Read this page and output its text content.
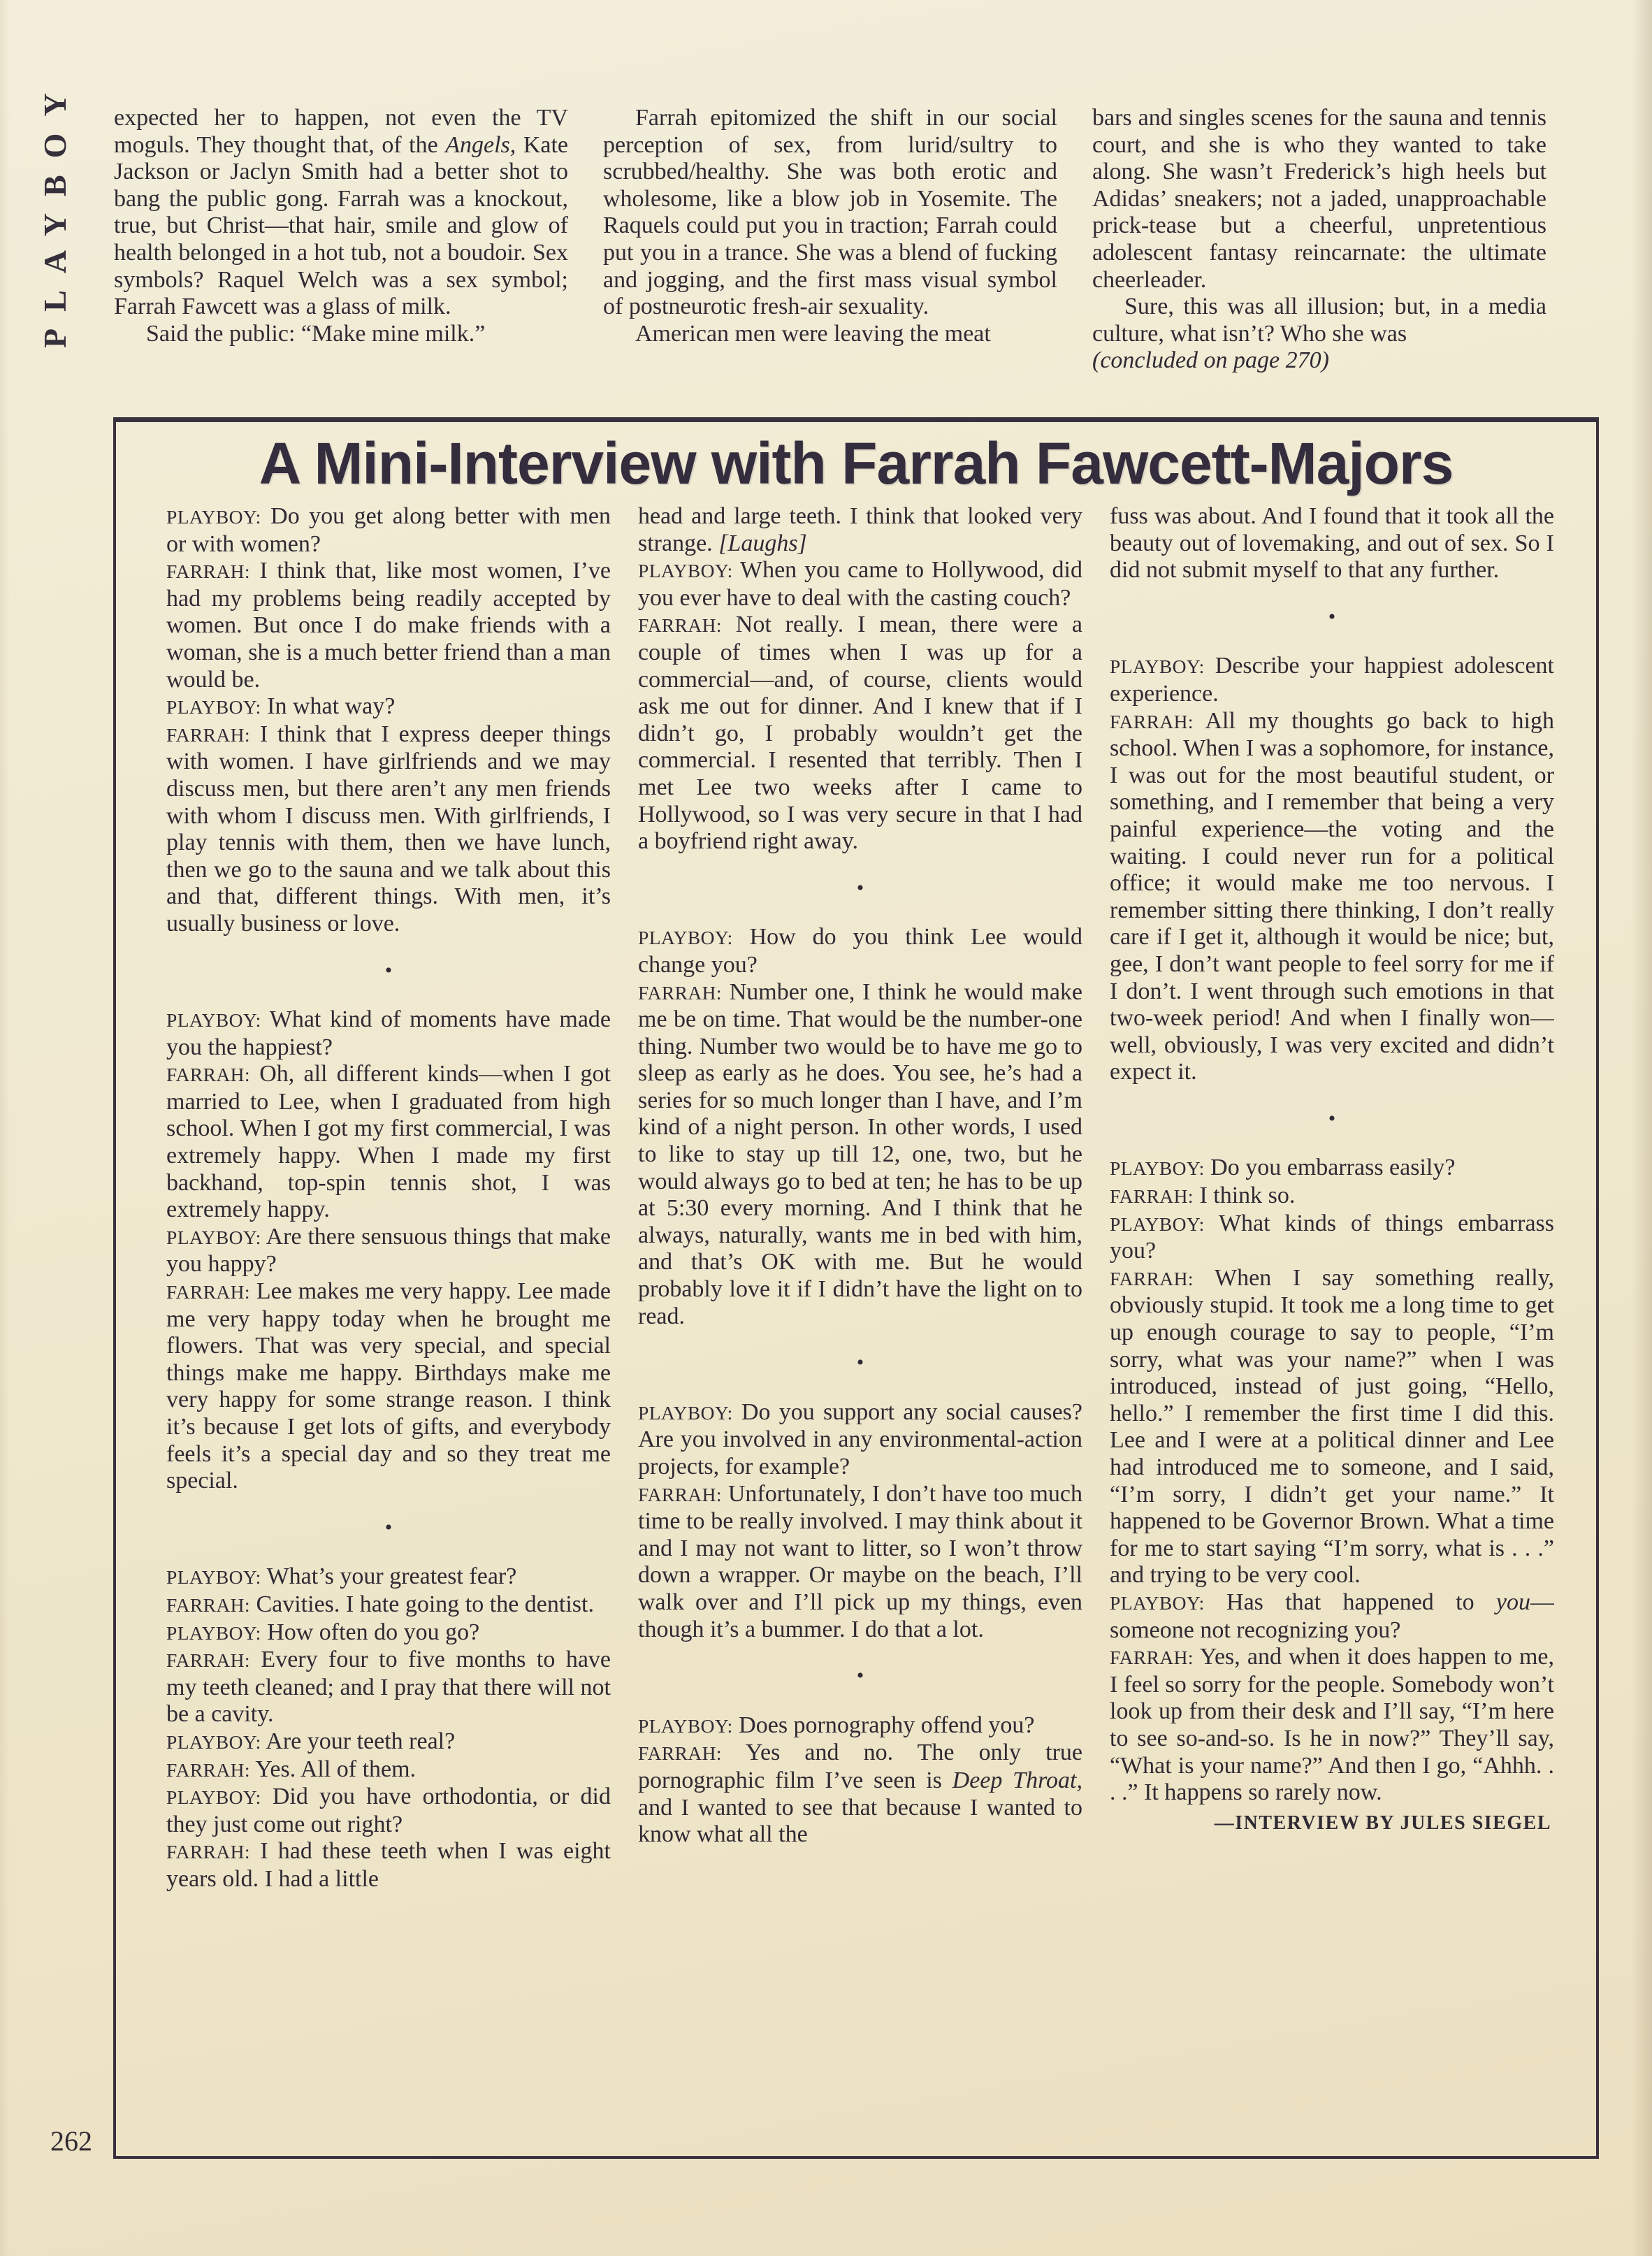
PLAYBOY expected her to happen, not even the TV moguls. They thought that, of the Angels, Kate Jackson or Jaclyn Smith had a better shot to bang the public gong. Farrah was a knockout, true, but Christ—that hair, smile and glow of health belonged in a hot tub, not a boudoir. Sex symbols? Raquel Welch was a sex symbol; Farrah Fawcett was a glass of milk.

Said the public: “Make mine milk.”

Farrah epitomized the shift in our social perception of sex, from lurid/sultry to scrubbed/healthy. She was both erotic and wholesome, like a blow job in Yosemite. The Raquels could put you in traction; Farrah could put you in a trance. She was a blend of fucking and jogging, and the first mass visual symbol of postneurotic fresh-air sexuality.

American men were leaving the meat

bars and singles scenes for the sauna and tennis court, and she is who they wanted to take along. She wasn’t Frederick’s high heels but Adidas’ sneakers; not a jaded, unapproachable prick-tease but a cheerful, unpretentious adolescent fantasy reincarnate: the ultimate cheerleader.

Sure, this was all illusion; but, in a media culture, what isn’t? Who she was

(concluded on page 270)

A Mini-Interview with Farrah Fawcett-Majors

PLAYBOY: Do you get along better with men or with women?

FARRAH: I think that, like most women, I’ve had my problems being readily accepted by women. But once I do make friends with a woman, she is a much better friend than a man would be.

PLAYBOY: In what way?

FARRAH: I think that I express deeper things with women. I have girlfriends and we may discuss men, but there aren’t any men friends with whom I discuss men. With girlfriends, I play tennis with them, then we have lunch, then we go to the sauna and we talk about this and that, different things. With men, it’s usually business or love.

•

PLAYBOY: What kind of moments have made you the happiest?

FARRAH: Oh, all different kinds—when I got married to Lee, when I graduated from high school. When I got my first commercial, I was extremely happy. When I made my first backhand, top-spin tennis shot, I was extremely happy.

PLAYBOY: Are there sensuous things that make you happy?

FARRAH: Lee makes me very happy. Lee made me very happy today when he brought me flowers. That was very special, and special things make me happy. Birthdays make me very happy for some strange reason. I think it’s because I get lots of gifts, and everybody feels it’s a special day and so they treat me special.

•

PLAYBOY: What’s your greatest fear?

FARRAH: Cavities. I hate going to the dentist.

PLAYBOY: How often do you go?

FARRAH: Every four to five months to have my teeth cleaned; and I pray that there will not be a cavity.

PLAYBOY: Are your teeth real?

FARRAH: Yes. All of them.

PLAYBOY: Did you have orthodontia, or did they just come out right?

FARRAH: I had these teeth when I was eight years old. I had a little

head and large teeth. I think that looked very strange. [Laughs]

PLAYBOY: When you came to Hollywood, did you ever have to deal with the casting couch?

FARRAH: Not really. I mean, there were a couple of times when I was up for a commercial—and, of course, clients would ask me out for dinner. And I knew that if I didn’t go, I probably wouldn’t get the commercial. I resented that terribly. Then I met Lee two weeks after I came to Hollywood, so I was very secure in that I had a boyfriend right away.

•

PLAYBOY: How do you think Lee would change you?

FARRAH: Number one, I think he would make me be on time. That would be the number-one thing. Number two would be to have me go to sleep as early as he does. You see, he’s had a series for so much longer than I have, and I’m kind of a night person. In other words, I used to like to stay up till 12, one, two, but he would always go to bed at ten; he has to be up at 5:30 every morning. And I think that he always, naturally, wants me in bed with him, and that’s OK with me. But he would probably love it if I didn’t have the light on to read.

•

PLAYBOY: Do you support any social causes? Are you involved in any environmental-action projects, for example?

FARRAH: Unfortunately, I don’t have too much time to be really involved. I may think about it and I may not want to litter, so I won’t throw down a wrapper. Or maybe on the beach, I’ll walk over and I’ll pick up my things, even though it’s a bummer. I do that a lot.

•

PLAYBOY: Does pornography offend you?

FARRAH: Yes and no. The only true pornographic film I’ve seen is Deep Throat, and I wanted to see that because I wanted to know what all the

fuss was about. And I found that it took all the beauty out of lovemaking, and out of sex. So I did not submit myself to that any further.

•

PLAYBOY: Describe your happiest adolescent experience.

FARRAH: All my thoughts go back to high school. When I was a sophomore, for instance, I was out for the most beautiful student, or something, and I remember that being a very painful experience—the voting and the waiting. I could never run for a political office; it would make me too nervous. I remember sitting there thinking, I don’t really care if I get it, although it would be nice; but, gee, I don’t want people to feel sorry for me if I don’t. I went through such emotions in that two-week period! And when I finally won—well, obviously, I was very excited and didn’t expect it.

•

PLAYBOY: Do you embarrass easily?

FARRAH: I think so.

PLAYBOY: What kinds of things embarrass you?

FARRAH: When I say something really, obviously stupid. It took me a long time to get up enough courage to say to people, “I’m sorry, what was your name?” when I was introduced, instead of just going, “Hello, hello.” I remember the first time I did this. Lee and I were at a political dinner and Lee had introduced me to someone, and I said, “I’m sorry, I didn’t get your name.” It happened to be Governor Brown. What a time for me to start saying “I’m sorry, what is . . .” and trying to be very cool.

PLAYBOY: Has that happened to you—someone not recognizing you?

FARRAH: Yes, and when it does happen to me, I feel so sorry for the people. Somebody won’t look up from their desk and I’ll say, “I’m here to see so-and-so. Is he in now?” They’ll say, “What is your name?” And then I go, “Ahhh. . . .” It happens so rarely now.

—INTERVIEW BY JULES SIEGEL

262
